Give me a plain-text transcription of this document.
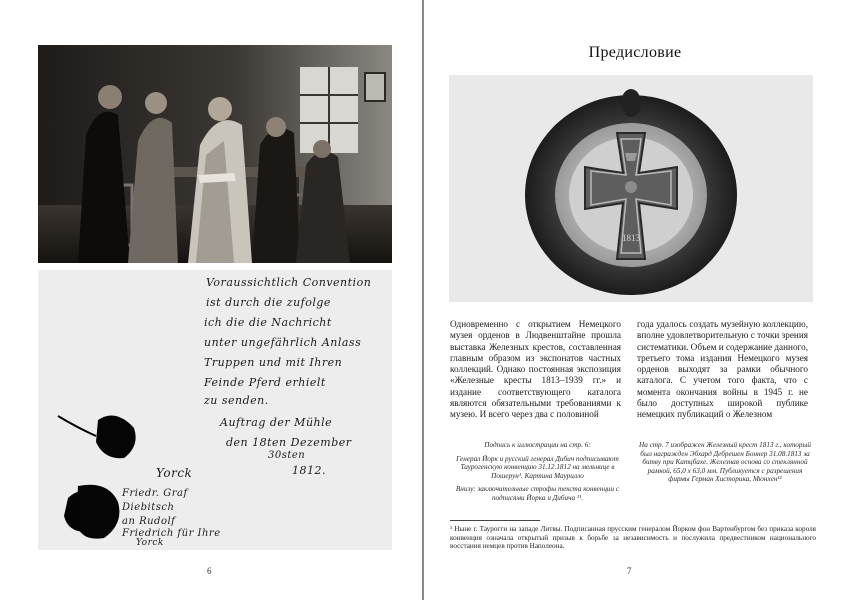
Voraussichtlich Convention
ist durch die zufolge
ich die die Nachricht
unter ungefährlich Anlass
Truppen und mit Ihren
Feinde Pferd erhielt
zu senden.
Auftrag der Mühle
den 18ten Dezember
30sten
1812.
Yorck
Friedr. Graf
Diebitsch
an Rudolf
Friedrich für Ihre
Yorck
6
Предисловие
1813
Одновременно с открытием Немецкого музея орденов в Людвенштайне прошла выставка Железных крестов, составленная главным образом из экспонатов частных коллекций. Однако постоянная экспозиция «Железные кресты 1813–1939 гг.» и издание соответствующего каталога являются обязательными требованиями к музею. И всего через два с половиной
года удалось создать музейную коллекцию, вполне удовлетворительную с точки зрения систематики. Объем и содержание данного, третьего тома издания Немецкого музея орденов выходят за рамки обычного каталога. С учетом того факта, что с момента окончания войны в 1945 г. не было доступных широкой публике немецких публикаций о Железном

Подпись к иллюстрации на стр. 6:

Генерал Йорк и русский генерал Дибич подписывают Таурогенскую конвенцию 31.12.1812 на мельнице в Пошерун¹. Картина Маурилло

Внизу: заключительные строфы текста конвенции с подписями Йорка и Дибича ¹¹.

На стр. 7 изображен Железный крест 1813 г., который был награжден Эбхард Дебрешен Боннер 31.08.1813 за битву при Катцбахе. Железная основа со стеклянной рамкой, 65,0 x 63,0 мм. Публикуется с разрешения фирмы Герман Хисторика, Мюнхен¹²

¹ Ныне г. Таурогги на западе Литвы. Подписанная прусским генералом Йорком фон Вартенбургом без приказа короля конвенция означала открытый призыв к борьбе за независимость и послужила предвестником национального восстания немцев против Наполеона.
7
